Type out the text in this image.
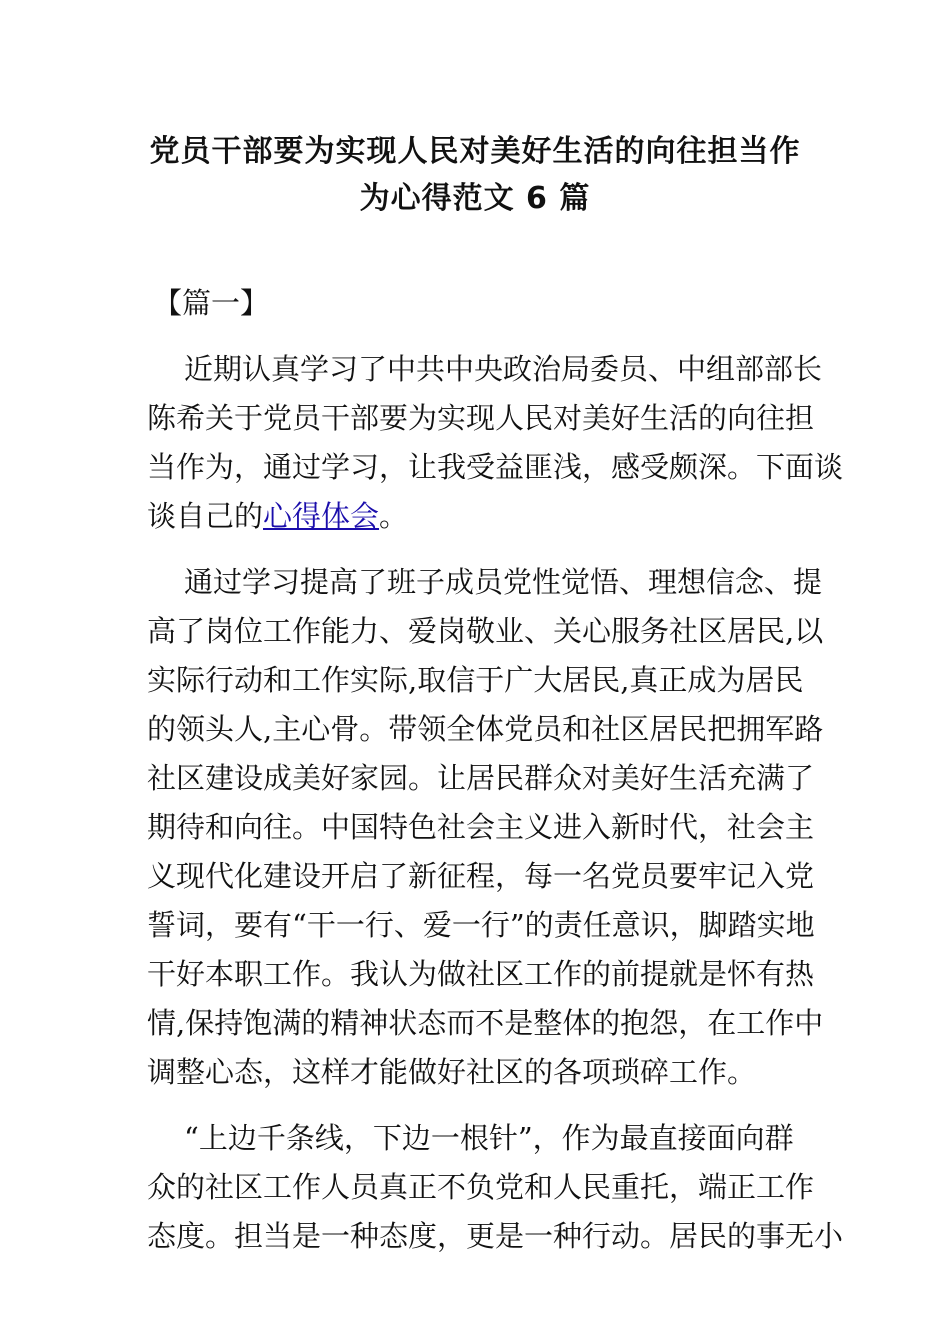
党员干部要为实现人民对美好生活的向往担当作
为心得范文 6 篇
【篇一】
近期认真学习了中共中央政治局委员、中组部部长
陈希关于党员干部要为实现人民对美好生活的向往担
当作为，通过学习，让我受益匪浅，感受颇深。下面谈
谈自己的心得体会。
通过学习提高了班子成员党性觉悟、理想信念、提
高了岗位工作能力、爱岗敬业、关心服务社区居民,以
实际行动和工作实际,取信于广大居民,真正成为居民
的领头人,主心骨。带领全体党员和社区居民把拥军路
社区建设成美好家园。让居民群众对美好生活充满了
期待和向往。中国特色社会主义进入新时代，社会主
义现代化建设开启了新征程，每一名党员要牢记入党
誓词，要有“干一行、爱一行”的责任意识，脚踏实地
干好本职工作。我认为做社区工作的前提就是怀有热
情,保持饱满的精神状态而不是整体的抱怨，在工作中
调整心态，这样才能做好社区的各项琐碎工作。
“上边千条线，下边一根针”，作为最直接面向群
众的社区工作人员真正不负党和人民重托，端正工作
态度。担当是一种态度，更是一种行动。居民的事无小
